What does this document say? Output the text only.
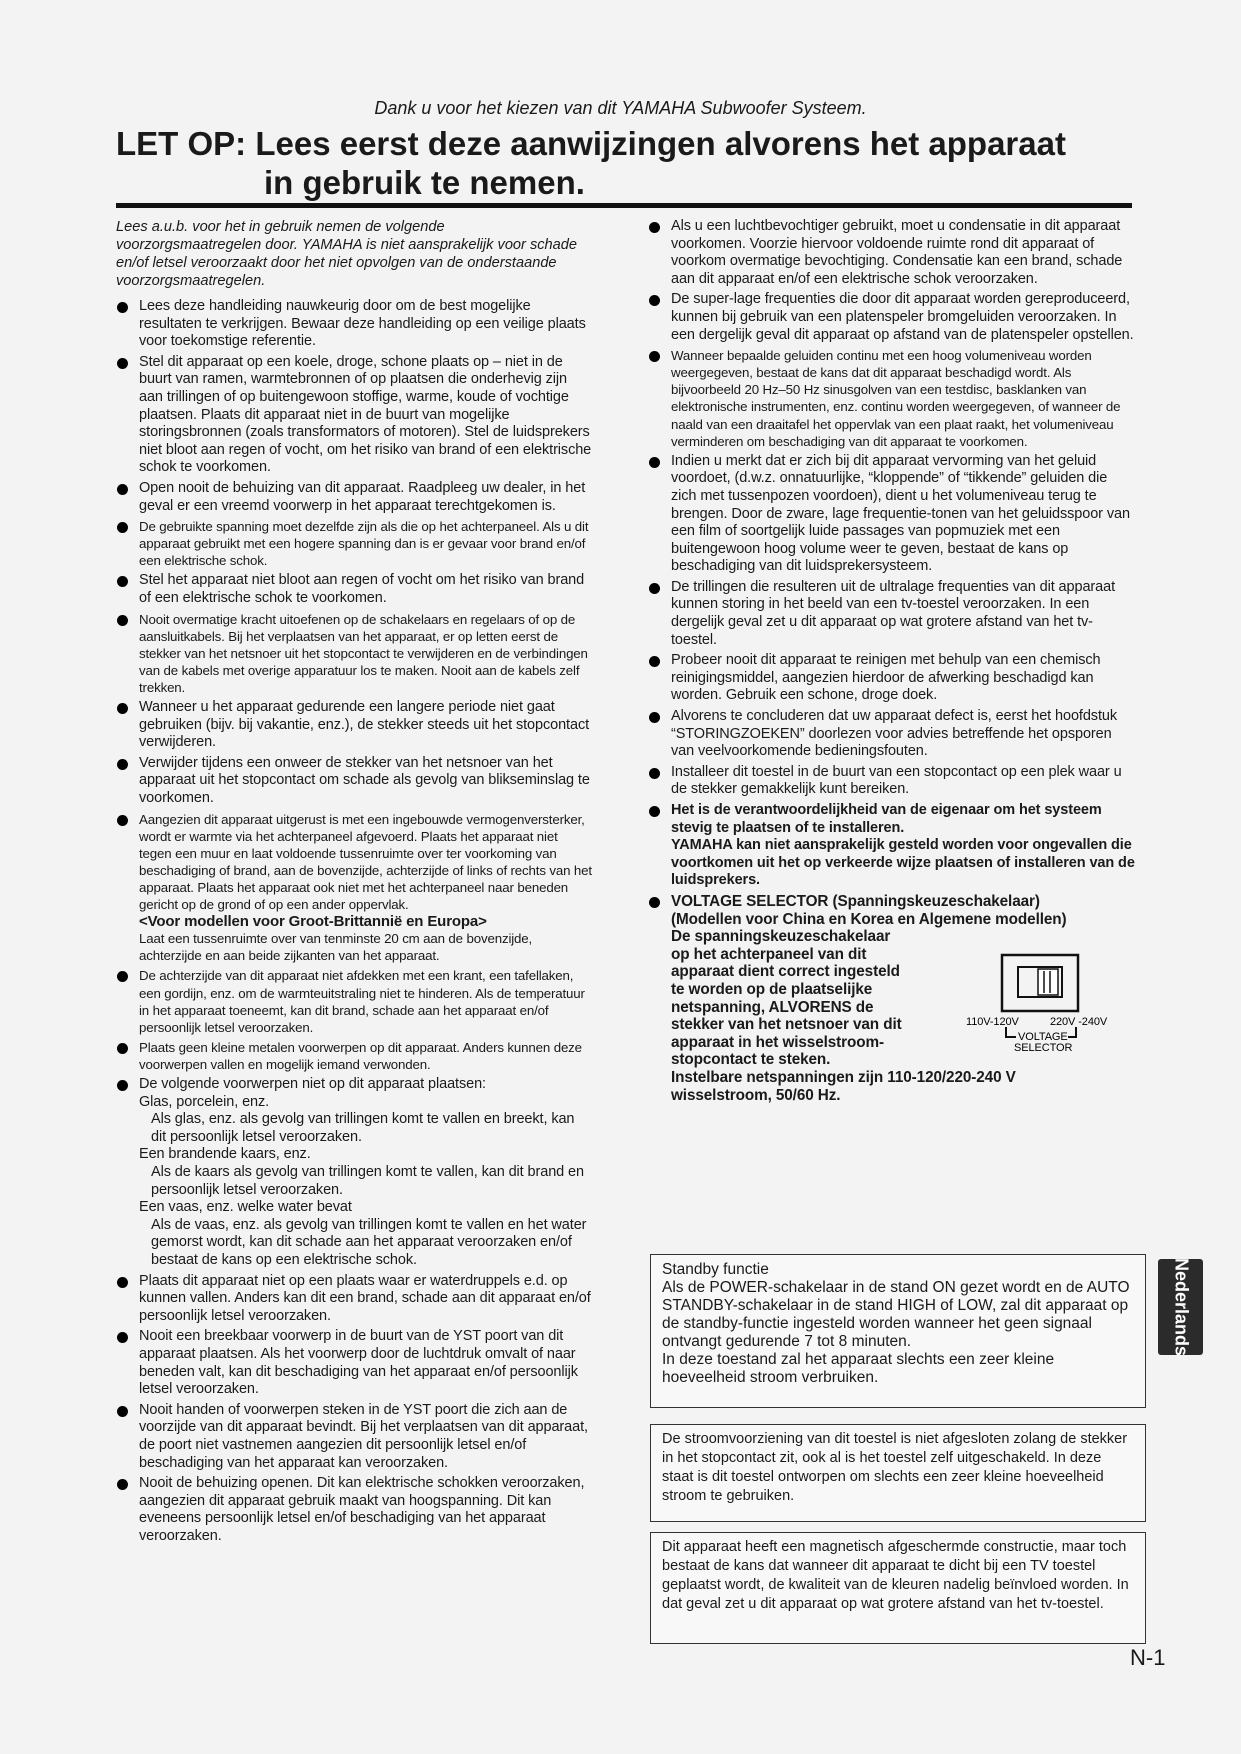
Dank u voor het kiezen van dit YAMAHA Subwoofer Systeem.
LET OP: Lees eerst deze aanwijzingen alvorens het apparaat
in gebruik te nemen.

Lees a.u.b. voor het in gebruik nemen de volgende voorzorgsmaatregelen door. YAMAHA is niet aansprakelijk voor schade en/of letsel veroorzaakt door het niet opvolgen van de onderstaande voorzorgsmaatregelen.

Lees deze handleiding nauwkeurig door om de best mogelijke resultaten te verkrijgen. Bewaar deze handleiding op een veilige plaats voor toekomstige referentie.
Stel dit apparaat op een koele, droge, schone plaats op – niet in de buurt van ramen, warmtebronnen of op plaatsen die onderhevig zijn aan trillingen of op buitengewoon stoffige, warme, koude of vochtige plaatsen. Plaats dit apparaat niet in de buurt van mogelijke storingsbronnen (zoals transformators of motoren). Stel de luidsprekers niet bloot aan regen of vocht, om het risiko van brand of een elektrische schok te voorkomen.
Open nooit de behuizing van dit apparaat. Raadpleeg uw dealer, in het geval er een vreemd voorwerp in het apparaat terechtgekomen is.
De gebruikte spanning moet dezelfde zijn als die op het achterpaneel. Als u dit apparaat gebruikt met een hogere spanning dan is er gevaar voor brand en/of een elektrische schok.
Stel het apparaat niet bloot aan regen of vocht om het risiko van brand of een elektrische schok te voorkomen.
Nooit overmatige kracht uitoefenen op de schakelaars en regelaars of op de aansluitkabels. Bij het verplaatsen van het apparaat, er op letten eerst de stekker van het netsnoer uit het stopcontact te verwijderen en de verbindingen van de kabels met overige apparatuur los te maken. Nooit aan de kabels zelf trekken.
Wanneer u het apparaat gedurende een langere periode niet gaat gebruiken (bijv. bij vakantie, enz.), de stekker steeds uit het stopcontact verwijderen.
Verwijder tijdens een onweer de stekker van het netsnoer van het apparaat uit het stopcontact om schade als gevolg van blikseminslag te voorkomen.
Aangezien dit apparaat uitgerust is met een ingebouwde vermogenversterker, wordt er warmte via het achterpaneel afgevoerd. Plaats het apparaat niet tegen een muur en laat voldoende tussenruimte over ter voorkoming van beschadiging of brand, aan de bovenzijde, achterzijde of links of rechts van het apparaat. Plaats het apparaat ook niet met het achterpaneel naar beneden gericht op de grond of op een ander oppervlak.
<Voor modellen voor Groot-Brittannië en Europa>
Laat een tussenruimte over van tenminste 20 cm aan de bovenzijde, achterzijde en aan beide zijkanten van het apparaat.
De achterzijde van dit apparaat niet afdekken met een krant, een tafellaken, een gordijn, enz. om de warmteuitstraling niet te hinderen. Als de temperatuur in het apparaat toeneemt, kan dit brand, schade aan het apparaat en/of persoonlijk letsel veroorzaken.
Plaats geen kleine metalen voorwerpen op dit apparaat. Anders kunnen deze voorwerpen vallen en mogelijk iemand verwonden.
De volgende voorwerpen niet op dit apparaat plaatsen:
Glas, porcelein, enz.
Als glas, enz. als gevolg van trillingen komt te vallen en breekt, kan dit persoonlijk letsel veroorzaken.
Een brandende kaars, enz.
Als de kaars als gevolg van trillingen komt te vallen, kan dit brand en persoonlijk letsel veroorzaken.
Een vaas, enz. welke water bevat
Als de vaas, enz. als gevolg van trillingen komt te vallen en het water gemorst wordt, kan dit schade aan het apparaat veroorzaken en/of bestaat de kans op een elektrische schok.
Plaats dit apparaat niet op een plaats waar er waterdruppels e.d. op kunnen vallen. Anders kan dit een brand, schade aan dit apparaat en/of persoonlijk letsel veroorzaken.
Nooit een breekbaar voorwerp in de buurt van de YST poort van dit apparaat plaatsen. Als het voorwerp door de luchtdruk omvalt of naar beneden valt, kan dit beschadiging van het apparaat en/of persoonlijk letsel veroorzaken.
Nooit handen of voorwerpen steken in de YST poort die zich aan de voorzijde van dit apparaat bevindt. Bij het verplaatsen van dit apparaat, de poort niet vastnemen aangezien dit persoonlijk letsel en/of beschadiging van het apparaat kan veroorzaken.
Nooit de behuizing openen. Dit kan elektrische schokken veroorzaken, aangezien dit apparaat gebruik maakt van hoogspanning. Dit kan eveneens persoonlijk letsel en/of beschadiging van het apparaat veroorzaken.
Als u een luchtbevochtiger gebruikt, moet u condensatie in dit apparaat voorkomen. Voorzie hiervoor voldoende ruimte rond dit apparaat of voorkom overmatige bevochtiging. Condensatie kan een brand, schade aan dit apparaat en/of een elektrische schok veroorzaken.
De super-lage frequenties die door dit apparaat worden gereproduceerd, kunnen bij gebruik van een platenspeler bromgeluiden veroorzaken. In een dergelijk geval dit apparaat op afstand van de platenspeler opstellen.
Wanneer bepaalde geluiden continu met een hoog volumeniveau worden weergegeven, bestaat de kans dat dit apparaat beschadigd wordt. Als bijvoorbeeld 20 Hz–50 Hz sinusgolven van een testdisc, basklanken van elektronische instrumenten, enz. continu worden weergegeven, of wanneer de naald van een draaitafel het oppervlak van een plaat raakt, het volumeniveau verminderen om beschadiging van dit apparaat te voorkomen.
Indien u merkt dat er zich bij dit apparaat vervorming van het geluid voordoet, (d.w.z. onnatuurlijke, “kloppende” of “tikkende” geluiden die zich met tussenpozen voordoen), dient u het volumeniveau terug te brengen. Door de zware, lage frequentie-tonen van het geluidsspoor van een film of soortgelijk luide passages van popmuziek met een buitengewoon hoog volume weer te geven, bestaat de kans op beschadiging van dit luidsprekersysteem.
De trillingen die resulteren uit de ultralage frequenties van dit apparaat kunnen storing in het beeld van een tv-toestel veroorzaken. In een dergelijk geval zet u dit apparaat op wat grotere afstand van het tv-toestel.
Probeer nooit dit apparaat te reinigen met behulp van een chemisch reinigingsmiddel, aangezien hierdoor de afwerking beschadigd kan worden. Gebruik een schone, droge doek.
Alvorens te concluderen dat uw apparaat defect is, eerst het hoofdstuk “STORINGZOEKEN” doorlezen voor advies betreffende het opsporen van veelvoorkomende bedieningsfouten.
Installeer dit toestel in de buurt van een stopcontact op een plek waar u de stekker gemakkelijk kunt bereiken.
Het is de verantwoordelijkheid van de eigenaar om het systeem stevig te plaatsen of te installeren.
YAMAHA kan niet aansprakelijk gesteld worden voor ongevallen die voortkomen uit het op verkeerde wijze plaatsen of installeren van de luidsprekers.
VOLTAGE SELECTOR (Spanningskeuzeschakelaar)
(Modellen voor China en Korea en Algemene modellen)
De spanningskeuzeschakelaar
op het achterpaneel van dit
apparaat dient correct ingesteld
te worden op de plaatselijke
netspanning, ALVORENS de
stekker van het netsnoer van dit
apparaat in het wisselstroom-
stopcontact te steken.
Instelbare netspanningen zijn 110-120/220-240 V
wisselstroom, 50/60 Hz.
110V-120V	220V -240V
VOLTAGE
SELECTOR

Standby functie

Als de POWER-schakelaar in de stand ON gezet wordt en de AUTO STANDBY-schakelaar in de stand HIGH of LOW, zal dit apparaat op de standby-functie ingesteld worden wanneer het geen signaal ontvangt gedurende 7 tot 8 minuten.

In deze toestand zal het apparaat slechts een zeer kleine hoeveelheid stroom verbruiken.

De stroomvoorziening van dit toestel is niet afgesloten zolang de stekker in het stopcontact zit, ook al is het toestel zelf uitgeschakeld. In deze staat is dit toestel ontworpen om slechts een zeer kleine hoeveelheid stroom te gebruiken.

Dit apparaat heeft een magnetisch afgeschermde constructie, maar toch bestaat de kans dat wanneer dit apparaat te dicht bij een TV toestel geplaatst wordt, de kwaliteit van de kleuren nadelig beïnvloed worden. In dat geval zet u dit apparaat op wat grotere afstand van het tv-toestel.

Nederlands
N-1
